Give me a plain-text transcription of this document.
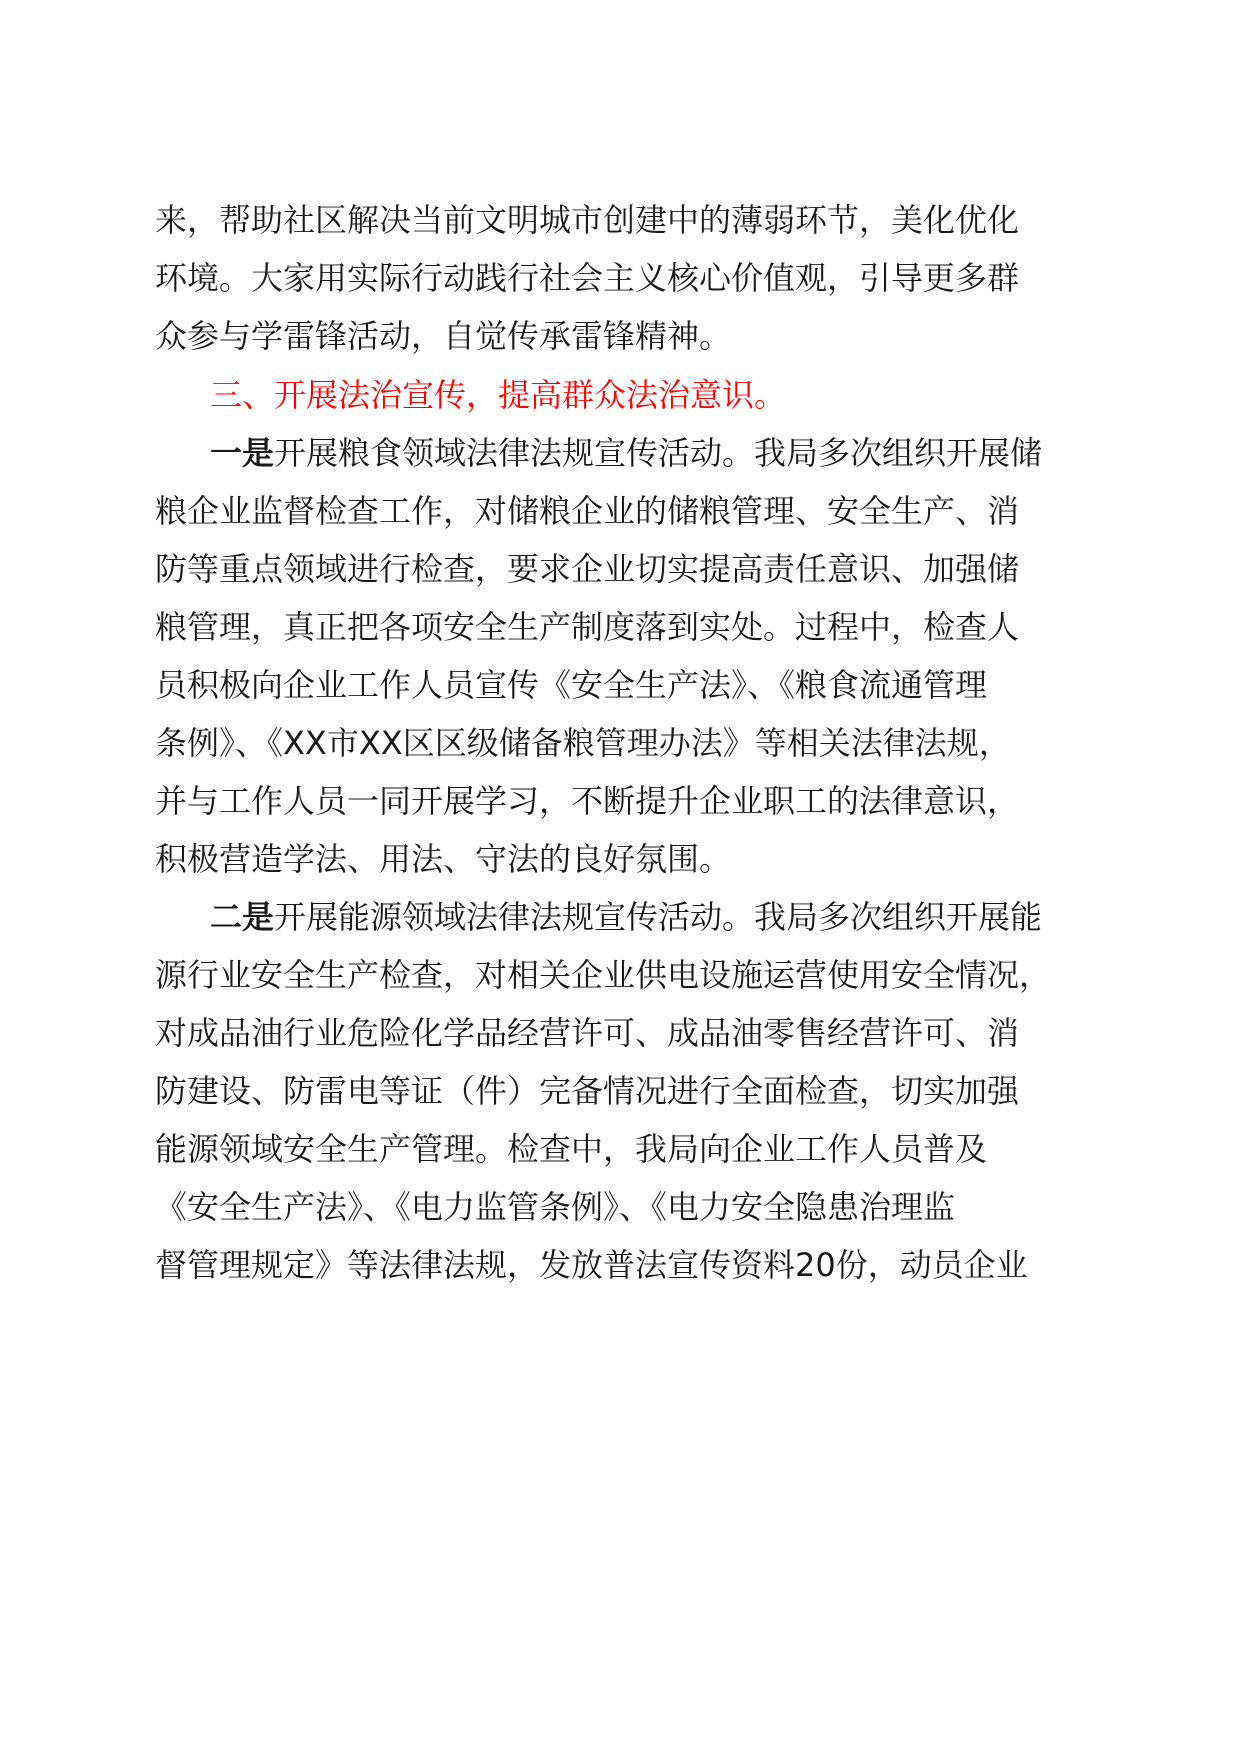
来，帮助社区解决当前文明城市创建中的薄弱环节，美化优化
环境。大家用实际行动践行社会主义核心价值观，引导更多群
众参与学雷锋活动，自觉传承雷锋精神。
三、开展法治宣传，提高群众法治意识。
一是开展粮食领域法律法规宣传活动。我局多次组织开展储
粮企业监督检查工作，对储粮企业的储粮管理、安全生产、消
防等重点领域进行检查，要求企业切实提高责任意识、加强储
粮管理，真正把各项安全生产制度落到实处。过程中，检查人
员积极向企业工作人员宣传《安全生产法》、《粮食流通管理
条例》、《XX市XX区区级储备粮管理办法》等相关法律法规，
并与工作人员一同开展学习，不断提升企业职工的法律意识，
积极营造学法、用法、守法的良好氛围。
二是开展能源领域法律法规宣传活动。我局多次组织开展能
源行业安全生产检查，对相关企业供电设施运营使用安全情况，
对成品油行业危险化学品经营许可、成品油零售经营许可、消
防建设、防雷电等证（件）完备情况进行全面检查，切实加强
能源领域安全生产管理。检查中，我局向企业工作人员普及
《安全生产法》、《电力监管条例》、《电力安全隐患治理监
督管理规定》等法律法规，发放普法宣传资料20份，动员企业
